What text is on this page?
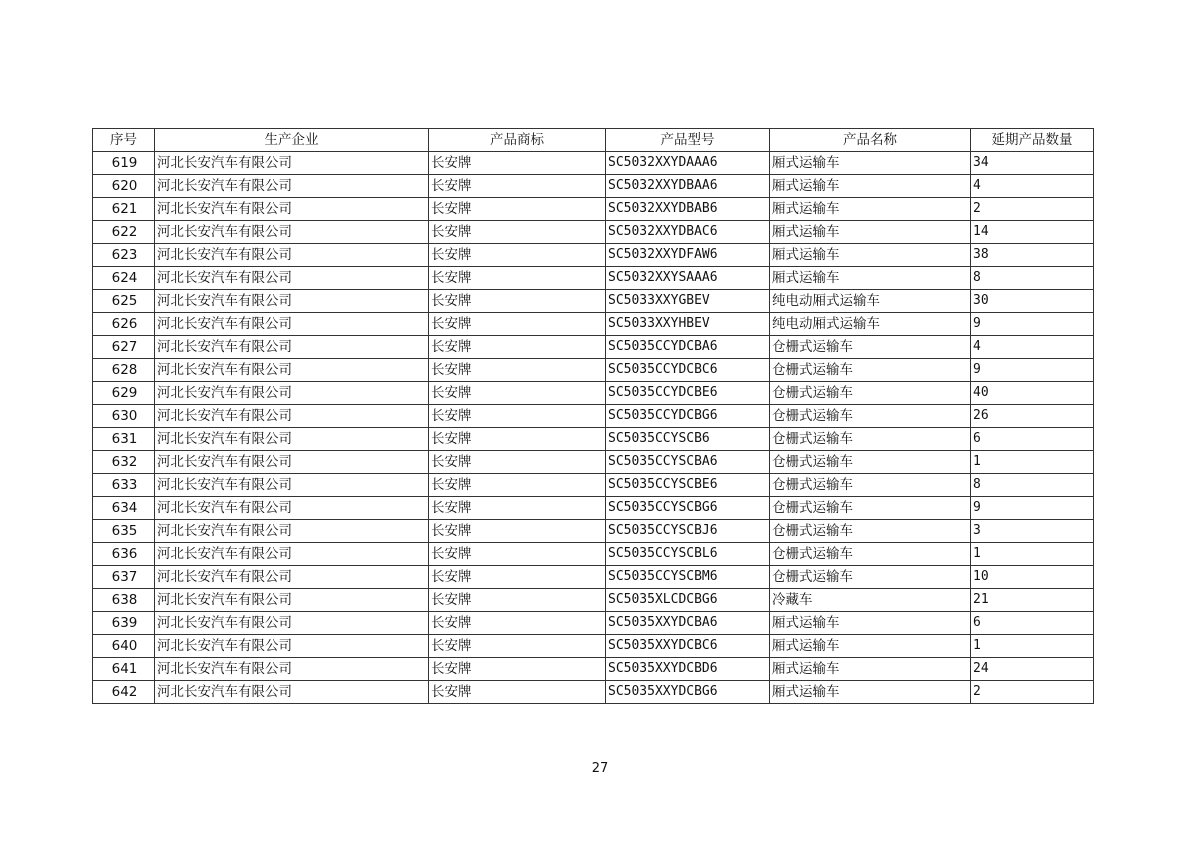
序号	生产企业	产品商标	产品型号	产品名称	延期产品数量
619	河北长安汽车有限公司	长安牌	SC5032XXYDAAA6	厢式运输车	34
620	河北长安汽车有限公司	长安牌	SC5032XXYDBAA6	厢式运输车	4
621	河北长安汽车有限公司	长安牌	SC5032XXYDBAB6	厢式运输车	2
622	河北长安汽车有限公司	长安牌	SC5032XXYDBAC6	厢式运输车	14
623	河北长安汽车有限公司	长安牌	SC5032XXYDFAW6	厢式运输车	38
624	河北长安汽车有限公司	长安牌	SC5032XXYSAAA6	厢式运输车	8
625	河北长安汽车有限公司	长安牌	SC5033XXYGBEV	纯电动厢式运输车	30
626	河北长安汽车有限公司	长安牌	SC5033XXYHBEV	纯电动厢式运输车	9
627	河北长安汽车有限公司	长安牌	SC5035CCYDCBA6	仓栅式运输车	4
628	河北长安汽车有限公司	长安牌	SC5035CCYDCBC6	仓栅式运输车	9
629	河北长安汽车有限公司	长安牌	SC5035CCYDCBE6	仓栅式运输车	40
630	河北长安汽车有限公司	长安牌	SC5035CCYDCBG6	仓栅式运输车	26
631	河北长安汽车有限公司	长安牌	SC5035CCYSCB6	仓栅式运输车	6
632	河北长安汽车有限公司	长安牌	SC5035CCYSCBA6	仓栅式运输车	1
633	河北长安汽车有限公司	长安牌	SC5035CCYSCBE6	仓栅式运输车	8
634	河北长安汽车有限公司	长安牌	SC5035CCYSCBG6	仓栅式运输车	9
635	河北长安汽车有限公司	长安牌	SC5035CCYSCBJ6	仓栅式运输车	3
636	河北长安汽车有限公司	长安牌	SC5035CCYSCBL6	仓栅式运输车	1
637	河北长安汽车有限公司	长安牌	SC5035CCYSCBM6	仓栅式运输车	10
638	河北长安汽车有限公司	长安牌	SC5035XLCDCBG6	冷藏车	21
639	河北长安汽车有限公司	长安牌	SC5035XXYDCBA6	厢式运输车	6
640	河北长安汽车有限公司	长安牌	SC5035XXYDCBC6	厢式运输车	1
641	河北长安汽车有限公司	长安牌	SC5035XXYDCBD6	厢式运输车	24
642	河北长安汽车有限公司	长安牌	SC5035XXYDCBG6	厢式运输车	2
27
